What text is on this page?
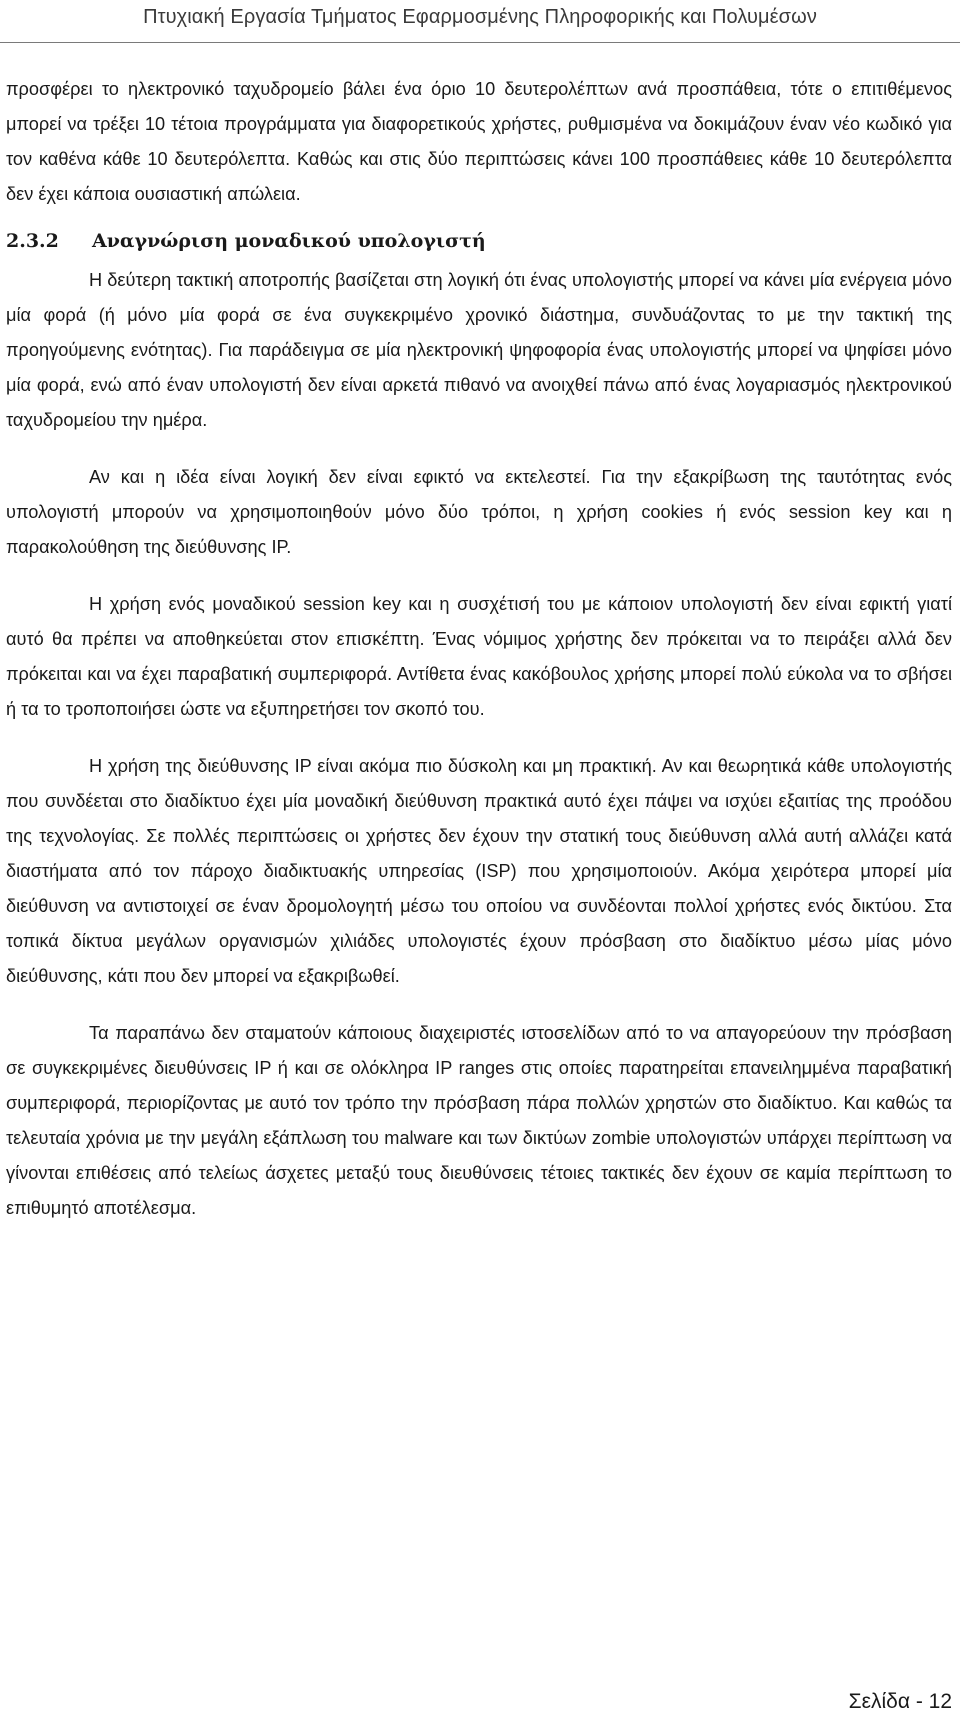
Πτυχιακή Εργασία Τμήματος Εφαρμοσμένης Πληροφορικής και Πολυμέσων

προσφέρει το ηλεκτρονικό ταχυδρομείο βάλει ένα όριο 10 δευτερολέπτων ανά προσπάθεια, τότε ο επιτιθέμενος μπορεί να τρέξει 10 τέτοια προγράμματα για διαφορετικούς χρήστες, ρυθμισμένα να δοκιμάζουν έναν νέο κωδικό για τον καθένα κάθε 10 δευτερόλεπτα. Καθώς και στις δύο περιπτώσεις κάνει 100 προσπάθειες κάθε 10 δευτερόλεπτα δεν έχει κάποια ουσιαστική απώλεια.

2.3.2 Αναγνώριση μοναδικού υπολογιστή

Η δεύτερη τακτική αποτροπής βασίζεται στη λογική ότι ένας υπολογιστής μπορεί να κάνει μία ενέργεια μόνο μία φορά (ή μόνο μία φορά σε ένα συγκεκριμένο χρονικό διάστημα, συνδυάζοντας το με την τακτική της προηγούμενης ενότητας). Για παράδειγμα σε μία ηλεκτρονική ψηφοφορία ένας υπολογιστής μπορεί να ψηφίσει μόνο μία φορά, ενώ από έναν υπολογιστή δεν είναι αρκετά πιθανό να ανοιχθεί πάνω από ένας λογαριασμός ηλεκτρονικού ταχυδρομείου την ημέρα.

Αν και η ιδέα είναι λογική δεν είναι εφικτό να εκτελεστεί. Για την εξακρίβωση της ταυτότητας ενός υπολογιστή μπορούν να χρησιμοποιηθούν μόνο δύο τρόποι, η χρήση cookies ή ενός session key και η παρακολούθηση της διεύθυνσης IP.

Η χρήση ενός μοναδικού session key και η συσχέτισή του με κάποιον υπολογιστή δεν είναι εφικτή γιατί αυτό θα πρέπει να αποθηκεύεται στον επισκέπτη. Ένας νόμιμος χρήστης δεν πρόκειται να το πειράξει αλλά δεν πρόκειται και να έχει παραβατική συμπεριφορά. Αντίθετα ένας κακόβουλος χρήσης μπορεί πολύ εύκολα να το σβήσει ή τα το τροποποιήσει ώστε να εξυπηρετήσει τον σκοπό του.

Η χρήση της διεύθυνσης IP είναι ακόμα πιο δύσκολη και μη πρακτική. Αν και θεωρητικά κάθε υπολογιστής που συνδέεται στο διαδίκτυο έχει μία μοναδική διεύθυνση πρακτικά αυτό έχει πάψει να ισχύει εξαιτίας της προόδου της τεχνολογίας. Σε πολλές περιπτώσεις οι χρήστες δεν έχουν την στατική τους διεύθυνση αλλά αυτή αλλάζει κατά διαστήματα από τον πάροχο διαδικτυακής υπηρεσίας (ISP) που χρησιμοποιούν. Ακόμα χειρότερα μπορεί μία διεύθυνση να αντιστοιχεί σε έναν δρομολογητή μέσω του οποίου να συνδέονται πολλοί χρήστες ενός δικτύου. Στα τοπικά δίκτυα μεγάλων οργανισμών χιλιάδες υπολογιστές έχουν πρόσβαση στο διαδίκτυο μέσω μίας μόνο διεύθυνσης, κάτι που δεν μπορεί να εξακριβωθεί.

Τα παραπάνω δεν σταματούν κάποιους διαχειριστές ιστοσελίδων από το να απαγορεύουν την πρόσβαση σε συγκεκριμένες διευθύνσεις IP ή και σε ολόκληρα IP ranges στις οποίες παρατηρείται επανειλημμένα παραβατική συμπεριφορά, περιορίζοντας με αυτό τον τρόπο την πρόσβαση πάρα πολλών χρηστών στο διαδίκτυο. Και καθώς τα τελευταία χρόνια με την μεγάλη εξάπλωση του malware και των δικτύων zombie υπολογιστών υπάρχει περίπτωση να γίνονται επιθέσεις από τελείως άσχετες μεταξύ τους διευθύνσεις τέτοιες τακτικές δεν έχουν σε καμία περίπτωση το επιθυμητό αποτέλεσμα.

Σελίδα - 12
